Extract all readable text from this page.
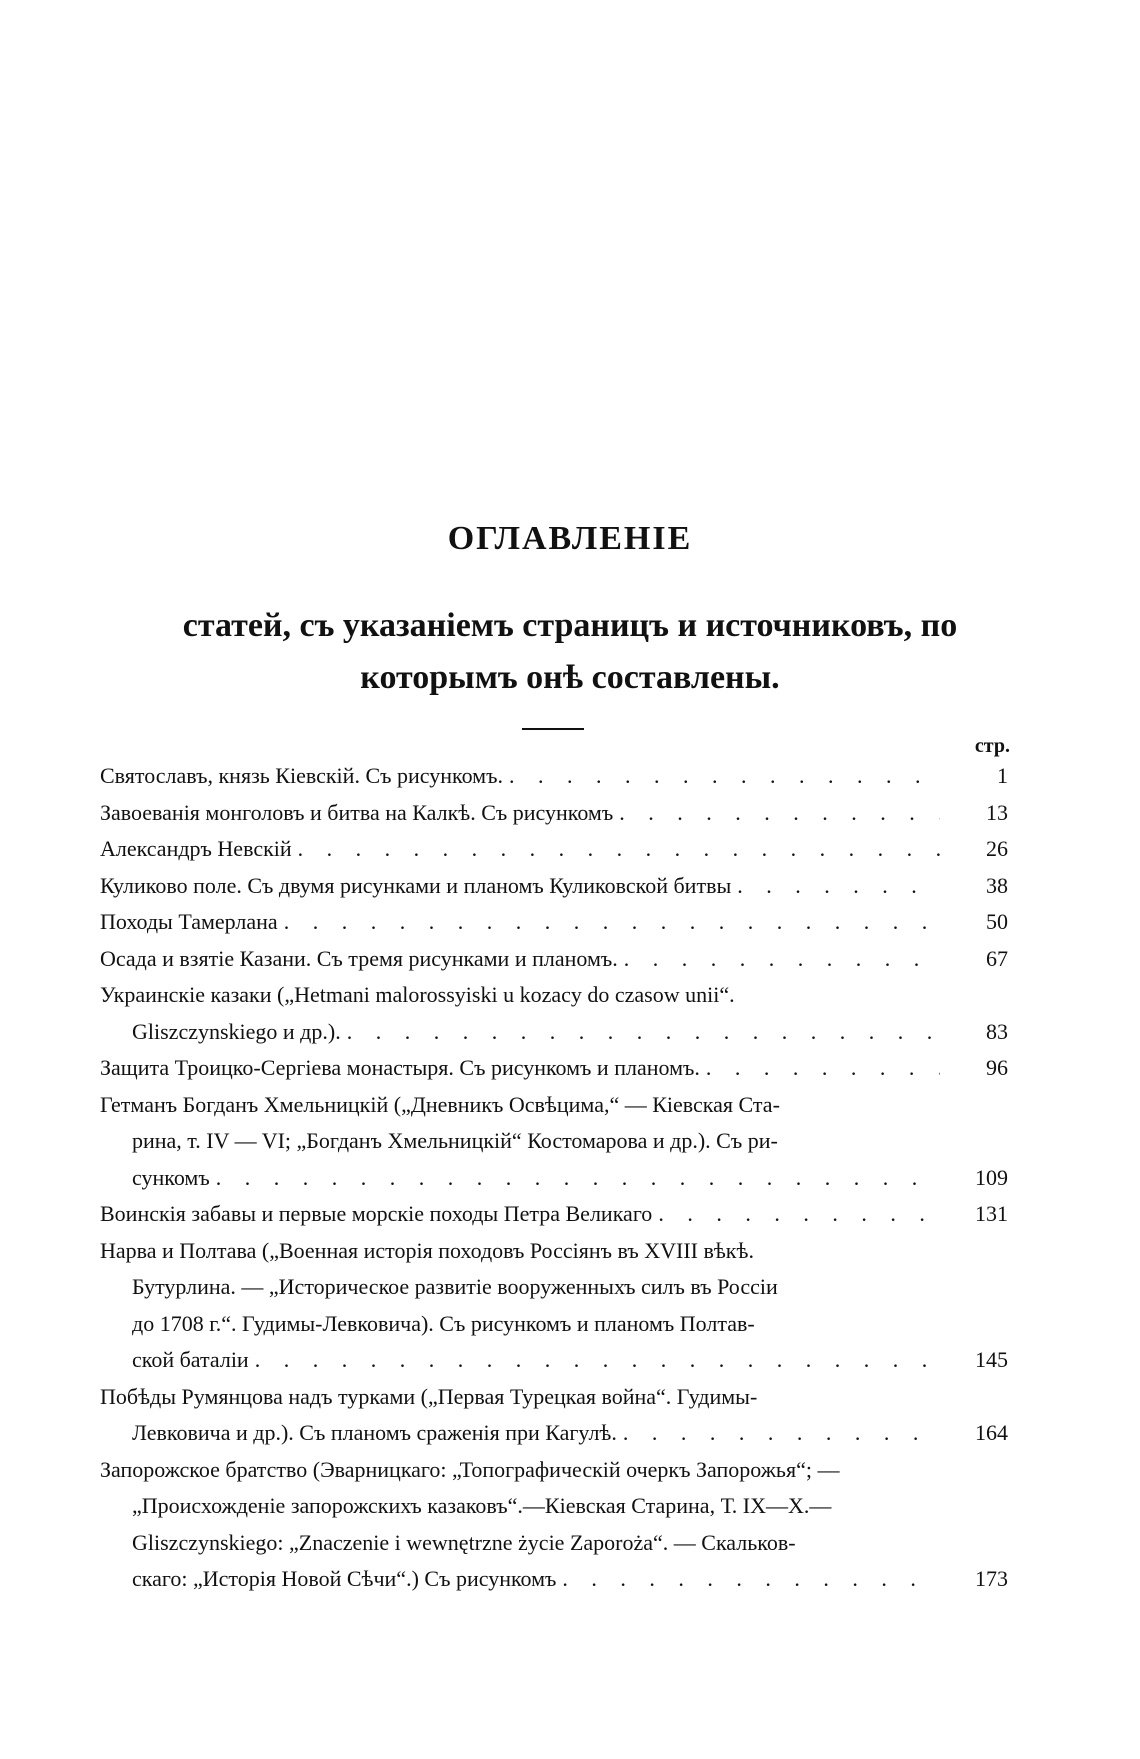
ОГЛАВЛЕНІЕ
статей, съ указаніемъ страницъ и источниковъ, по
которымъ онѣ составлены.
стр.
Святославъ, князь Кіевскій. Съ рисункомъ. . . .	1
Завоеванія монголовъ и битва на Калкѣ. Съ рисункомъ . . .	13
Александръ Невскій . . .	26
Куликово поле. Съ двумя рисунками и планомъ Куликовской битвы . . .	38
Походы Тамерлана . . .	50
Осада и взятіе Казани. Съ тремя рисунками и планомъ. . . .	67
Украинскіе казаки („Hetmani malorossyiski u kozacy do czasow unii“.
Gliszczynskiego и др.). . . .	83
Защита Троицко-Сергіева монастыря. Съ рисункомъ и планомъ. . . .	96
Гетманъ Богданъ Хмельницкій („Дневникъ Освѣцима,“ — Кіевская Ста-
рина, т. IV — VI; „Богданъ Хмельницкій“ Костомарова и др.). Съ ри-
сункомъ . . .	109
Воинскія забавы и первые морскіе походы Петра Великаго . . .	131
Нарва и Полтава („Военная исторія походовъ Россіянъ въ XVIII вѣкѣ.
Бутурлина. — „Историческое развитіе вооруженныхъ силъ въ Россіи
до 1708 г.“. Гудимы-Левковича). Съ рисункомъ и планомъ Полтав-
ской баталіи . . .	145
Побѣды Румянцова надъ турками („Первая Турецкая война“. Гудимы-
Левковича и др.). Съ планомъ сраженія при Кагулѣ. . . .	164
Запорожское братство (Эварницкаго: „Топографическій очеркъ Запорожья“; —
„Происхожденіе запорожскихъ казаковъ“.—Кіевская Старина, Т. IX—X.—
Gliszczynskiego: „Znaczenie i wewnętrzne życie Zaporoża“. — Скальков-
скаго: „Исторія Новой Сѣчи“.) Съ рисункомъ . . .	173
